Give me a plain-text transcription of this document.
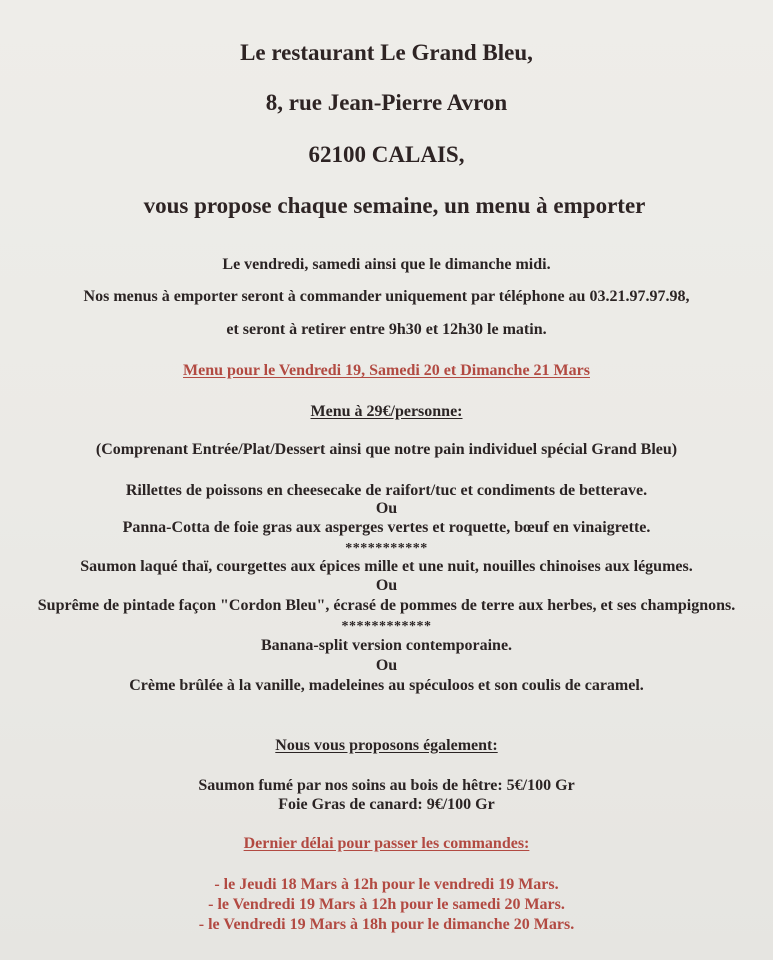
Le restaurant Le Grand Bleu,
8, rue Jean-Pierre Avron
62100 CALAIS,
vous propose chaque semaine, un menu à emporter
Le vendredi, samedi ainsi que le dimanche midi.
Nos menus à emporter seront à commander uniquement par téléphone au 03.21.97.97.98,
et seront à retirer entre 9h30 et 12h30 le matin.
Menu pour le Vendredi 19, Samedi 20 et Dimanche 21 Mars
Menu à 29€/personne:
(Comprenant Entrée/Plat/Dessert ainsi que notre pain individuel spécial Grand Bleu)
Rillettes de poissons en cheesecake de raifort/tuc et condiments de betterave.
Ou
Panna-Cotta de foie gras aux asperges vertes et roquette, bœuf en vinaigrette.
***********
Saumon laqué thaï, courgettes aux épices mille et une nuit, nouilles chinoises aux légumes.
Ou
Suprême de pintade façon "Cordon Bleu", écrasé de pommes de terre aux herbes, et ses champignons.
************
Banana-split version contemporaine.
Ou
Crème brûlée à la vanille, madeleines au spéculoos et son coulis de caramel.
Nous vous proposons également:
Saumon fumé par nos soins au bois de hêtre: 5€/100 Gr
Foie Gras de canard: 9€/100 Gr
Dernier délai pour passer les commandes:
- le Jeudi 18 Mars à 12h pour le vendredi 19 Mars.
- le Vendredi 19 Mars à 12h pour le samedi 20 Mars.
- le Vendredi 19 Mars à 18h pour le dimanche 20 Mars.
